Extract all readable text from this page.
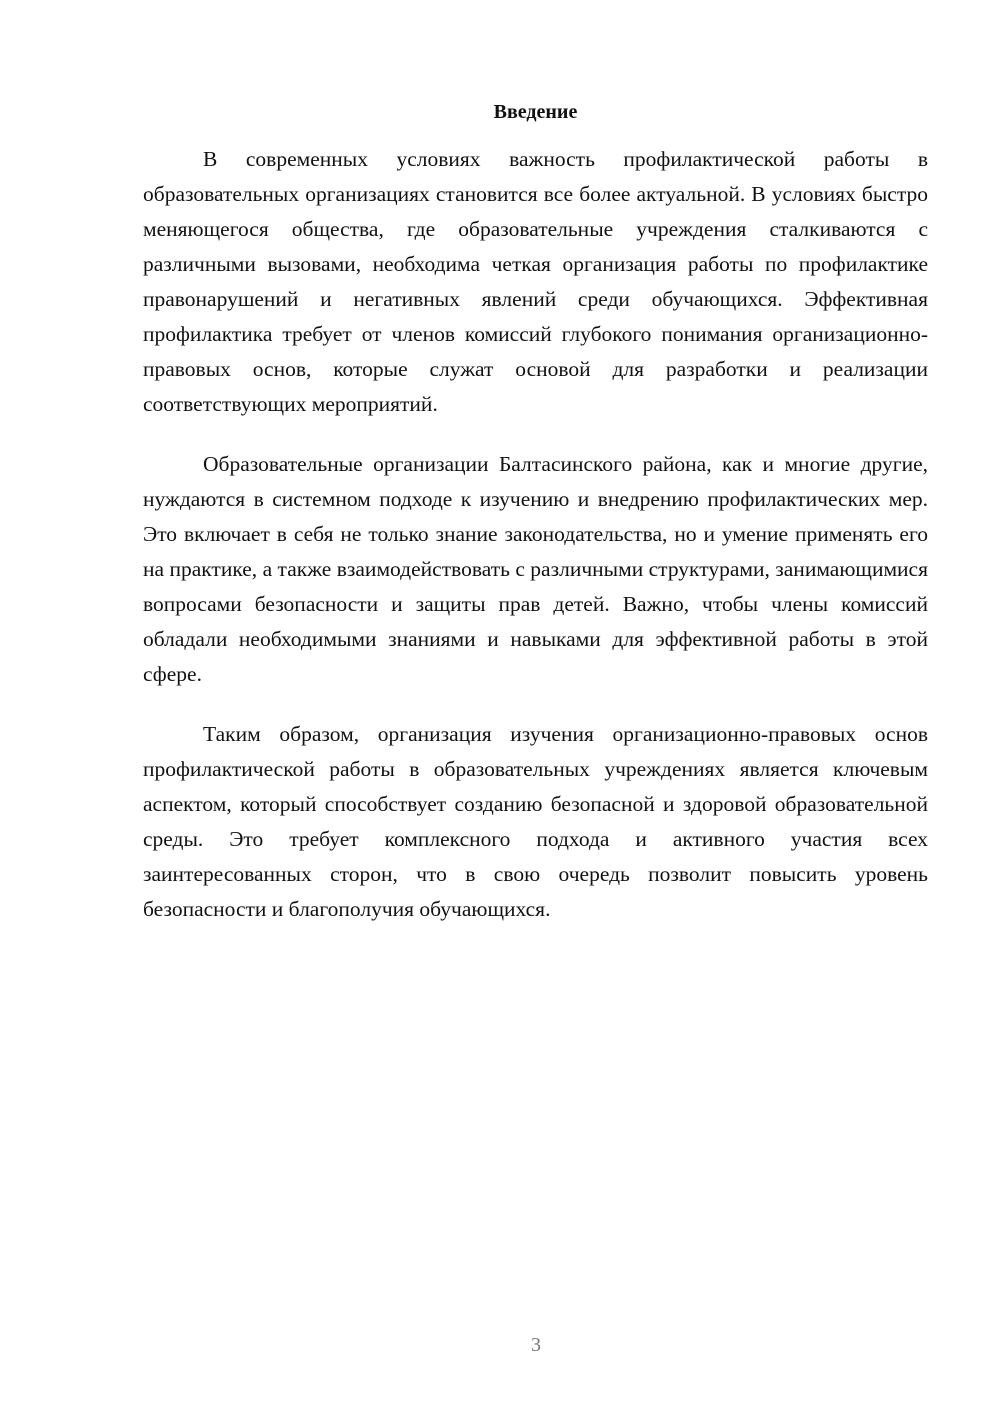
Введение

В современных условиях важность профилактической работы в образовательных организациях становится все более актуальной. В условиях быстро меняющегося общества, где образовательные учреждения сталкиваются с различными вызовами, необходима четкая организация работы по профилактике правонарушений и негативных явлений среди обучающихся. Эффективная профилактика требует от членов комиссий глубокого понимания организационно-правовых основ, которые служат основой для разработки и реализации соответствующих мероприятий.

Образовательные организации Балтасинского района, как и многие другие, нуждаются в системном подходе к изучению и внедрению профилактических мер. Это включает в себя не только знание законодательства, но и умение применять его на практике, а также взаимодействовать с различными структурами, занимающимися вопросами безопасности и защиты прав детей. Важно, чтобы члены комиссий обладали необходимыми знаниями и навыками для эффективной работы в этой сфере.

Таким образом, организация изучения организационно-правовых основ профилактической работы в образовательных учреждениях является ключевым аспектом, который способствует созданию безопасной и здоровой образовательной среды. Это требует комплексного подхода и активного участия всех заинтересованных сторон, что в свою очередь позволит повысить уровень безопасности и благополучия обучающихся.

3
